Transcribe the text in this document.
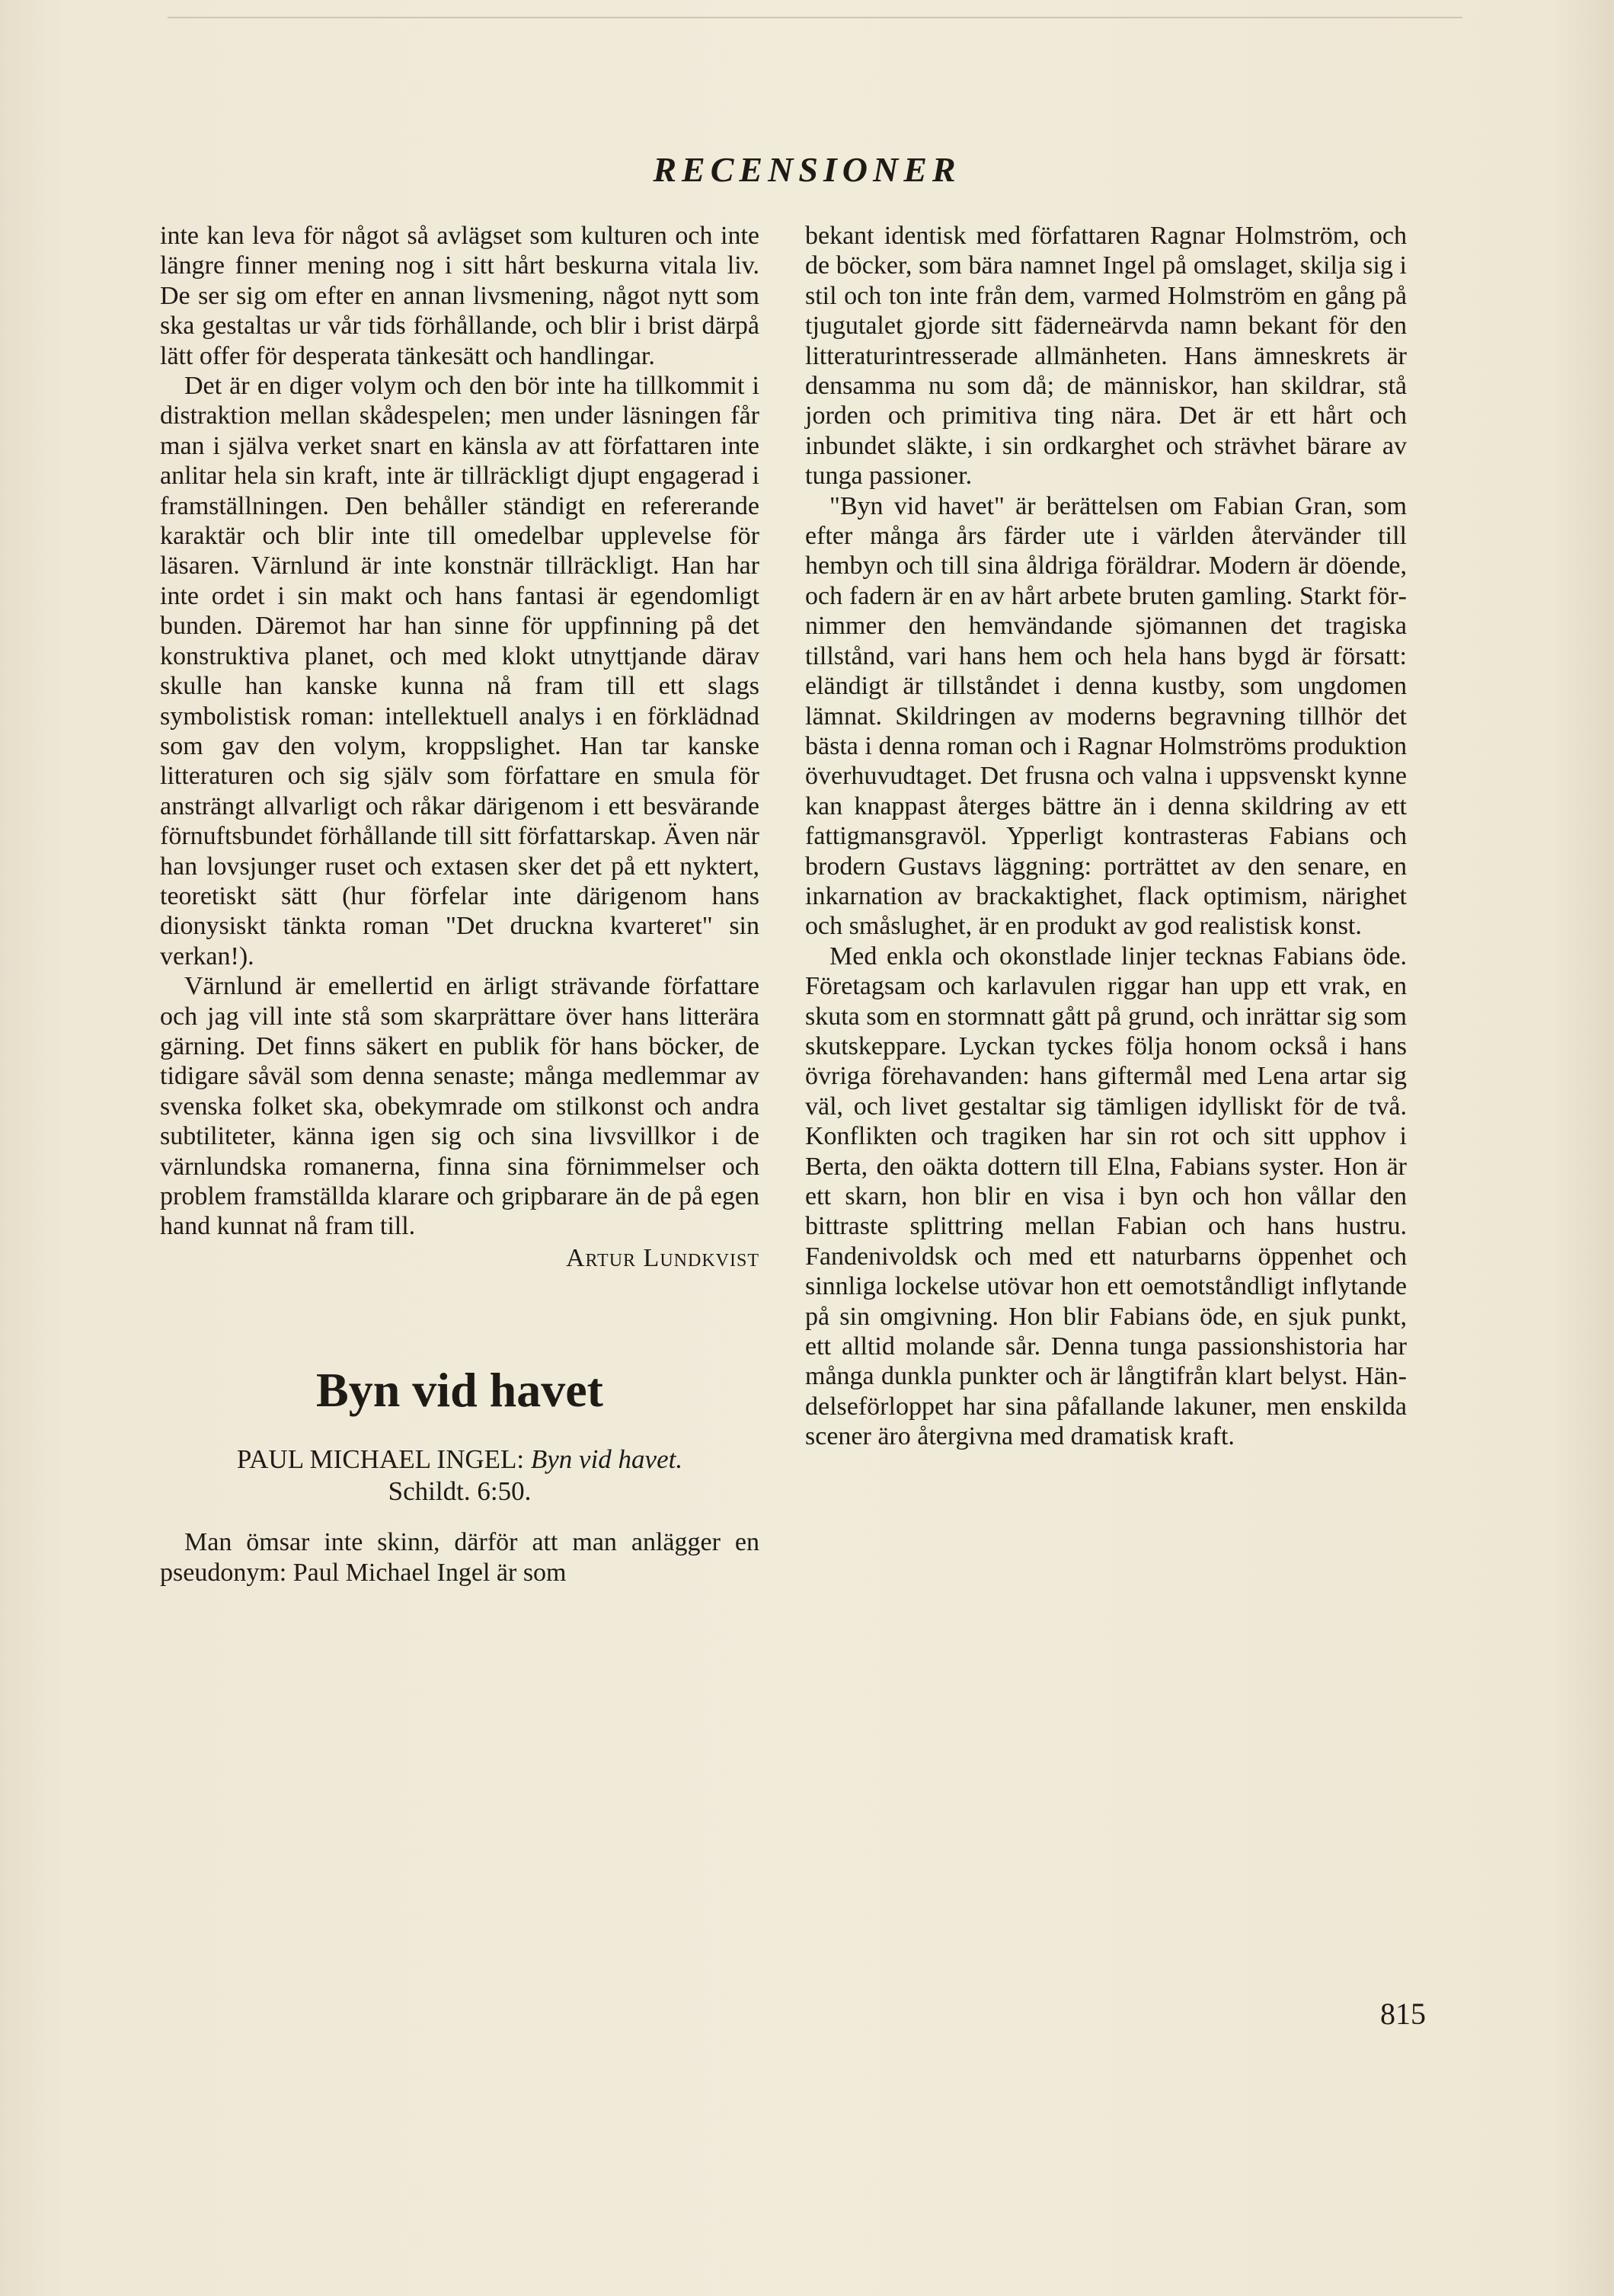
RECENSIONER

inte kan leva för något så avlägset som kulturen och inte längre finner mening nog i sitt hårt beskurna vitala liv. De ser sig om efter en annan livsmening, något nytt som ska gestaltas ur vår tids förhållande, och blir i brist därpå lätt offer för desperata tänkesätt och handlingar.

Det är en diger volym och den bör inte ha tillkommit i distraktion mellan skådespelen; men under läsningen får man i själva verket snart en känsla av att författaren inte anlitar hela sin kraft, inte är tillräckligt djupt engagerad i framställningen. Den behåller ständigt en refererande karaktär och blir inte till omedelbar upplevelse för läsaren. Värnlund är inte konstnär tillräckligt. Han har inte ordet i sin makt och hans fantasi är egendomligt bunden. Däremot har han sinne för uppfinning på det konstruktiva planet, och med klokt utnyttjande därav skulle han kanske kunna nå fram till ett slags symbolistisk roman: intellektuell analys i en förklädnad som gav den volym, kroppslighet. Han tar kanske litteraturen och sig själv som författare en smula för ansträngt allvarligt och råkar därigenom i ett besvärande förnuftsbundet förhållande till sitt författarskap. Även när han lovsjunger ruset och extasen sker det på ett nyktert, teoretiskt sätt (hur förfelar inte därigenom hans dionysiskt tänkta roman "Det druckna kvarteret" sin verkan!).

Värnlund är emellertid en ärligt strävande författare och jag vill inte stå som skarprättare över hans litterära gärning. Det finns säkert en publik för hans böcker, de tidigare såväl som denna senaste; många medlemmar av svenska folket ska, obekymrade om stilkonst och andra subtiliteter, känna igen sig och sina livsvillkor i de värnlundska romanerna, finna sina förnimmelser och problem framställda klarare och gripbarare än de på egen hand kunnat nå fram till.

Artur Lundkvist
Byn vid havet
PAUL MICHAEL INGEL: Byn vid havet.
Schildt. 6:50.

Man ömsar inte skinn, därför att man anlägger en pseudonym: Paul Michael Ingel är som

bekant identisk med författaren Ragnar Holmström, och de böcker, som bära namnet Ingel på omslaget, skilja sig i stil och ton inte från dem, varmed Holmström en gång på tjugutalet gjorde sitt fäderneärvda namn bekant för den litteraturintresserade allmänheten. Hans ämneskrets är densamma nu som då; de människor, han skildrar, stå jorden och primitiva ting nära. Det är ett hårt och inbundet släkte, i sin ordkarghet och strävhet bärare av tunga passioner.

"Byn vid havet" är berättelsen om Fabian Gran, som efter många års färder ute i världen återvänder till hembyn och till sina åldriga föräldrar. Modern är döende, och fadern är en av hårt arbete bruten gamling. Starkt förnimmer den hemvändande sjömannen det tragiska tillstånd, vari hans hem och hela hans bygd är försatt: eländigt är tillståndet i denna kustby, som ungdomen lämnat. Skildringen av moderns begravning tillhör det bästa i denna roman och i Ragnar Holmströms produktion överhuvudtaget. Det frusna och valna i uppsvenskt kynne kan knappast återges bättre än i denna skildring av ett fattigmansgravöl. Ypperligt kontrasteras Fabians och brodern Gustavs läggning: porträttet av den senare, en inkarnation av brackaktighet, flack optimism, närighet och småslughet, är en produkt av god realistisk konst.

Med enkla och okonstlade linjer tecknas Fabians öde. Företagsam och karlavulen riggar han upp ett vrak, en skuta som en stormnatt gått på grund, och inrättar sig som skutskeppare. Lyckan tyckes följa honom också i hans övriga förehavanden: hans giftermål med Lena artar sig väl, och livet gestaltar sig tämligen idylliskt för de två. Konflikten och tragiken har sin rot och sitt upphov i Berta, den oäkta dottern till Elna, Fabians syster. Hon är ett skarn, hon blir en visa i byn och hon vållar den bittraste splittring mellan Fabian och hans hustru. Fandenivoldsk och med ett naturbarns öppenhet och sinnliga lockelse utövar hon ett oemotståndligt inflytande på sin omgivning. Hon blir Fabians öde, en sjuk punkt, ett alltid molande sår. Denna tunga passionshistoria har många dunkla punkter och är långtifrån klart belyst. Händelseförloppet har sina påfallande lakuner, men enskilda scener äro återgivna med dramatisk kraft.

815
